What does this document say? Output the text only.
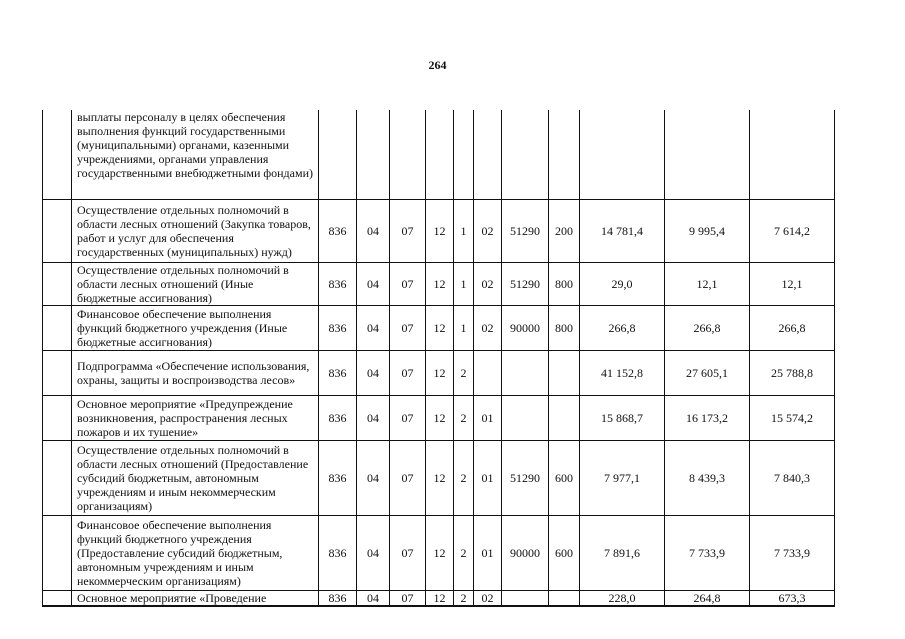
264
	выплаты персоналу в целях обеспечения выполнения функций государственными (муниципальными) органами, казенными учреждениями, органами управления государственными внебюджетными фондами)											
	Осуществление отдельных полномочий в области лесных отношений (Закупка товаров, работ и услуг для обеспечения государственных (муниципальных) нужд)	836	04	07	12	1	02	51290	200	14 781,4	9 995,4	7 614,2
	Осуществление отдельных полномочий в области лесных отношений (Иные бюджетные ассигнования)	836	04	07	12	1	02	51290	800	29,0	12,1	12,1
	Финансовое обеспечение выполнения функций бюджетного учреждения (Иные бюджетные ассигнования)	836	04	07	12	1	02	90000	800	266,8	266,8	266,8
	Подпрограмма «Обеспечение использования, охраны, защиты и воспроизводства лесов»	836	04	07	12	2				41 152,8	27 605,1	25 788,8
	Основное мероприятие «Предупреждение возникновения, распространения лесных пожаров и их тушение»	836	04	07	12	2	01			15 868,7	16 173,2	15 574,2
	Осуществление отдельных полномочий в области лесных отношений (Предоставление субсидий бюджетным, автономным учреждениям и иным некоммерческим организациям)	836	04	07	12	2	01	51290	600	7 977,1	8 439,3	7 840,3
	Финансовое обеспечение выполнения функций бюджетного учреждения (Предоставление субсидий бюджетным, автономным учреждениям и иным некоммерческим организациям)	836	04	07	12	2	01	90000	600	7 891,6	7 733,9	7 733,9
	Основное мероприятие «Проведение	836	04	07	12	2	02			228,0	264,8	673,3
